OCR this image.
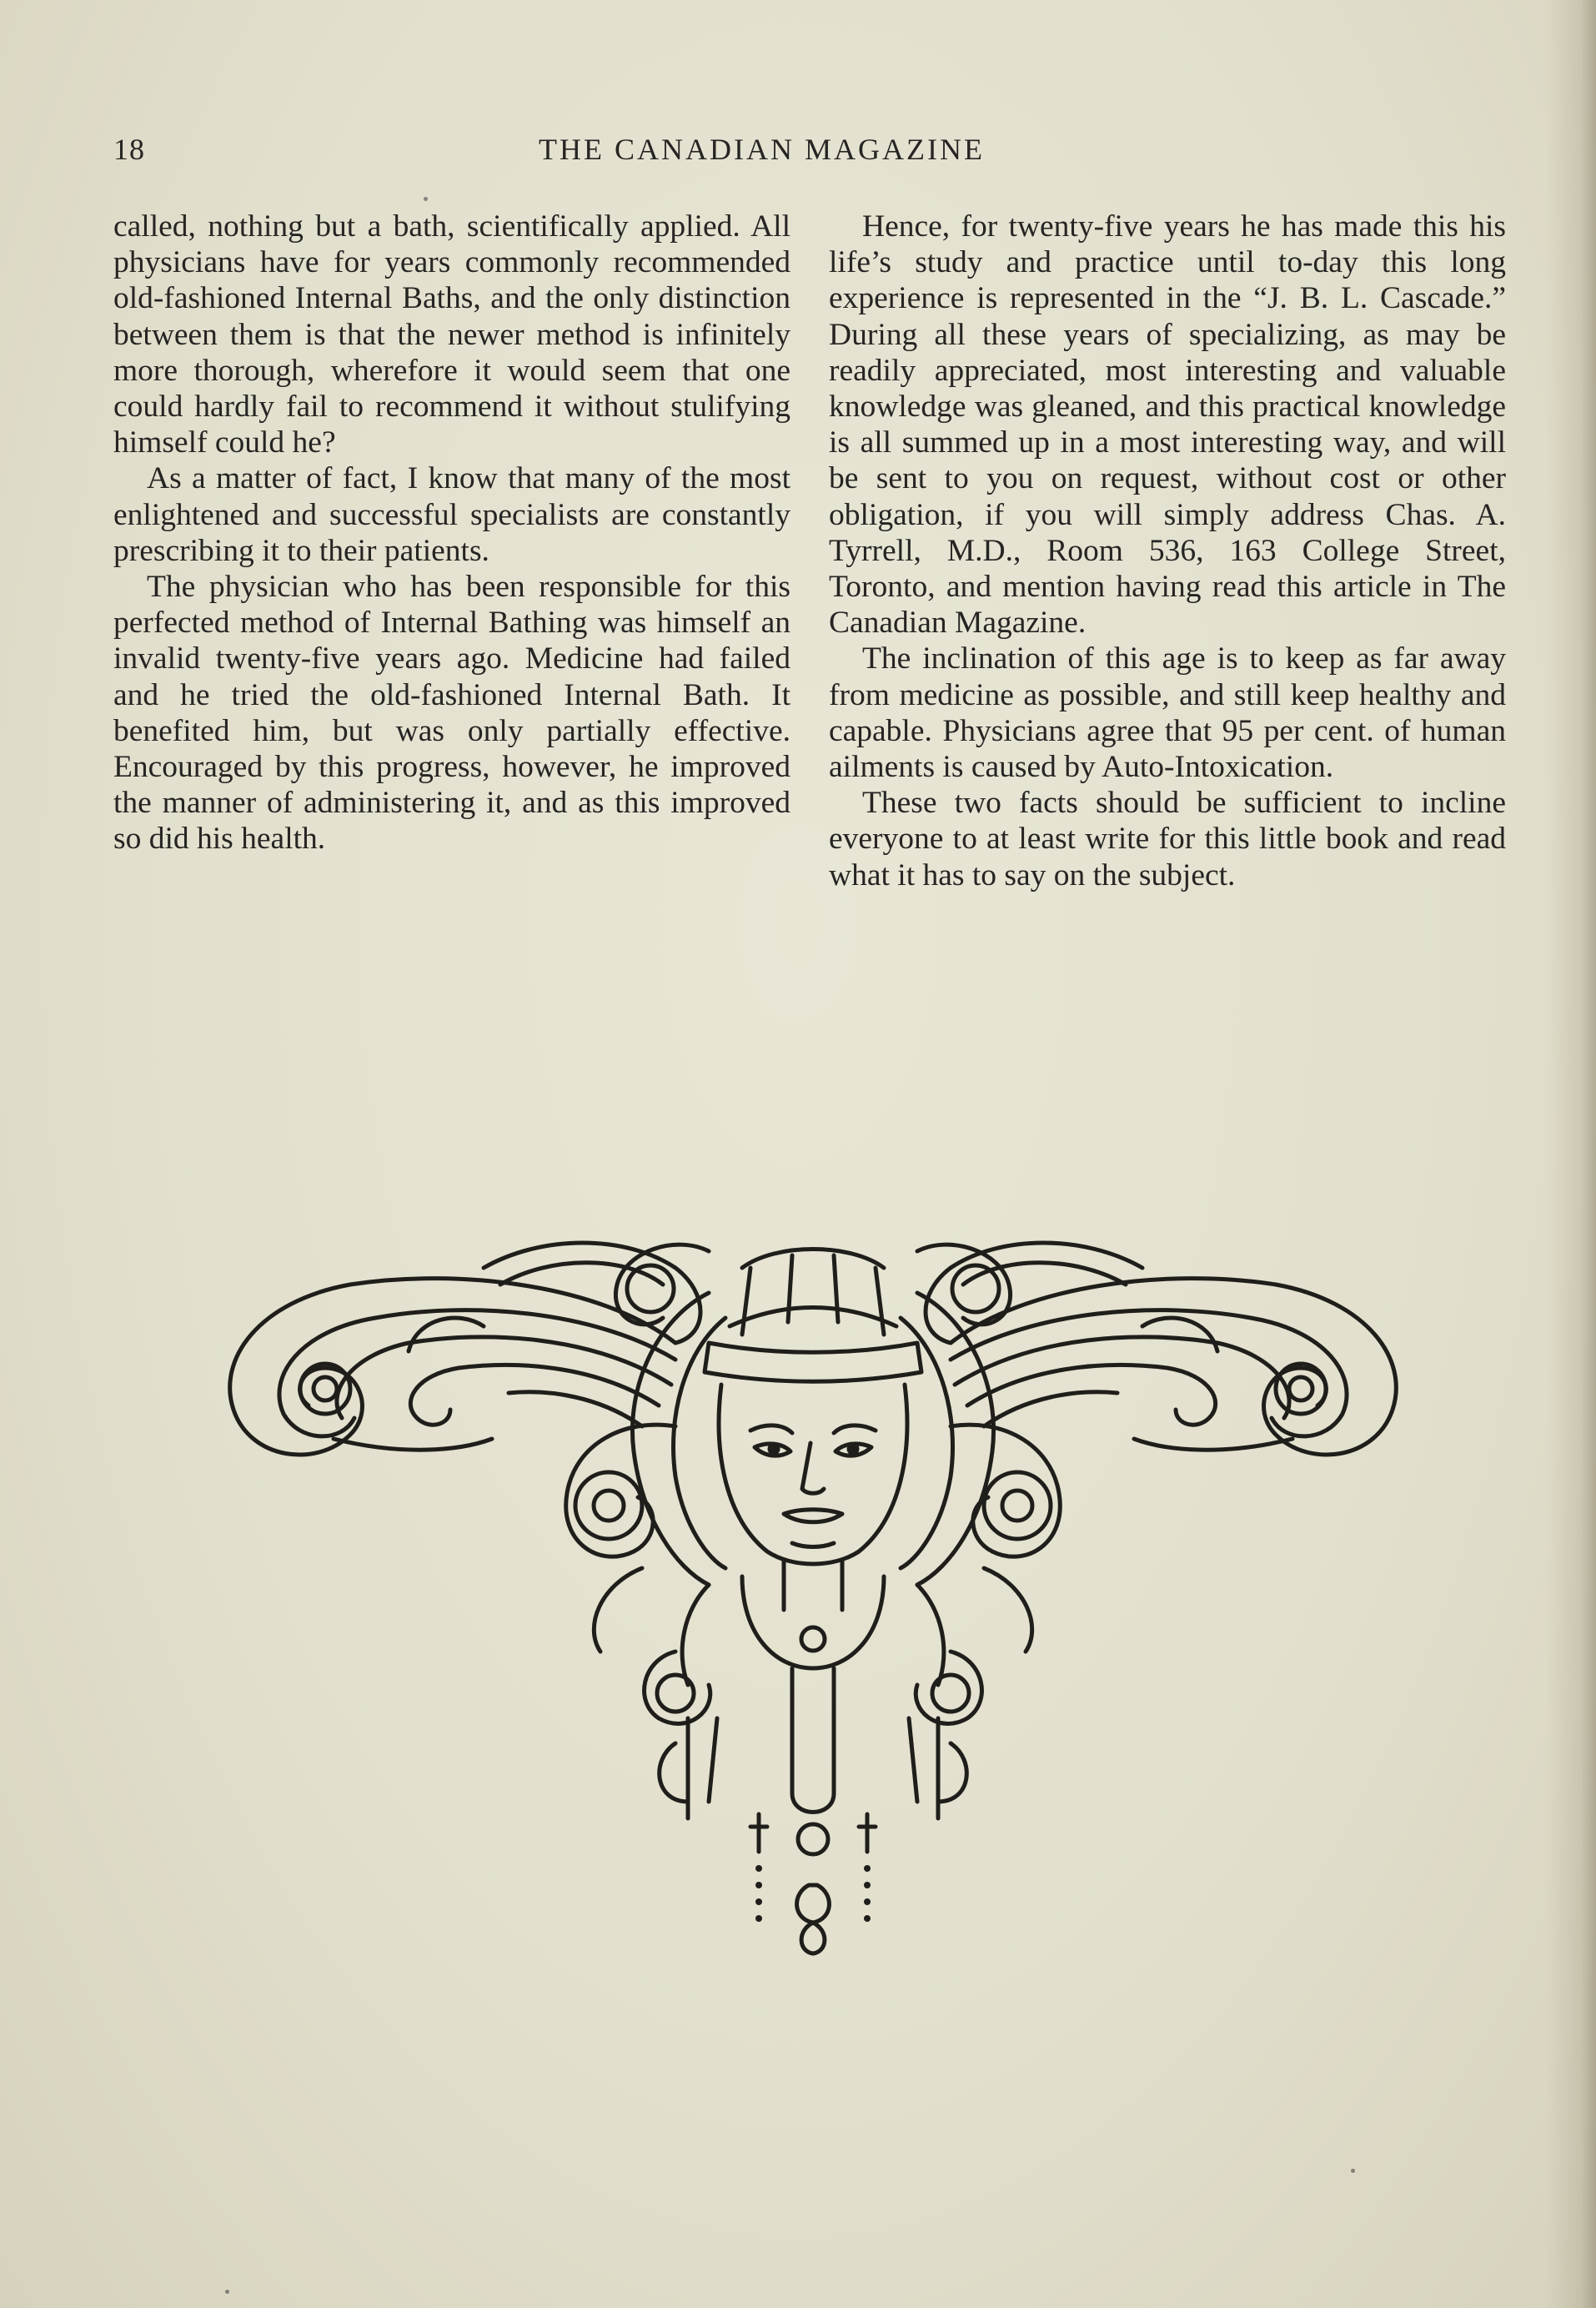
18	THE CANADIAN MAGAZINE

called, nothing but a bath, scientifically applied. All physicians have for years commonly recommended old-fashioned Internal Baths, and the only distinction between them is that the newer method is infinitely more thorough, wherefore it would seem that one could hardly fail to recommend it without stulifying himself could he?

As a matter of fact, I know that many of the most enlightened and successful specialists are constantly prescribing it to their patients.

The physician who has been responsible for this perfected method of Internal Bathing was himself an invalid twenty-five years ago. Medicine had failed and he tried the old-fashioned Internal Bath. It benefited him, but was only partially effective. Encouraged by this progress, however, he improved the manner of administering it, and as this improved so did his health.

Hence, for twenty-five years he has made this his life’s study and practice until to-day this long experience is represented in the “J. B. L. Cascade.” During all these years of specializing, as may be readily appreciated, most interesting and valuable knowledge was gleaned, and this practical knowledge is all summed up in a most interesting way, and will be sent to you on request, without cost or other obligation, if you will simply address Chas. A. Tyrrell, M.D., Room 536, 163 College Street, Toronto, and mention having read this article in The Canadian Magazine.

The inclination of this age is to keep as far away from medicine as possible, and still keep healthy and capable. Physicians agree that 95 per cent. of human ailments is caused by Auto-Intoxication.

These two facts should be sufficient to incline everyone to at least write for this little book and read what it has to say on the subject.
